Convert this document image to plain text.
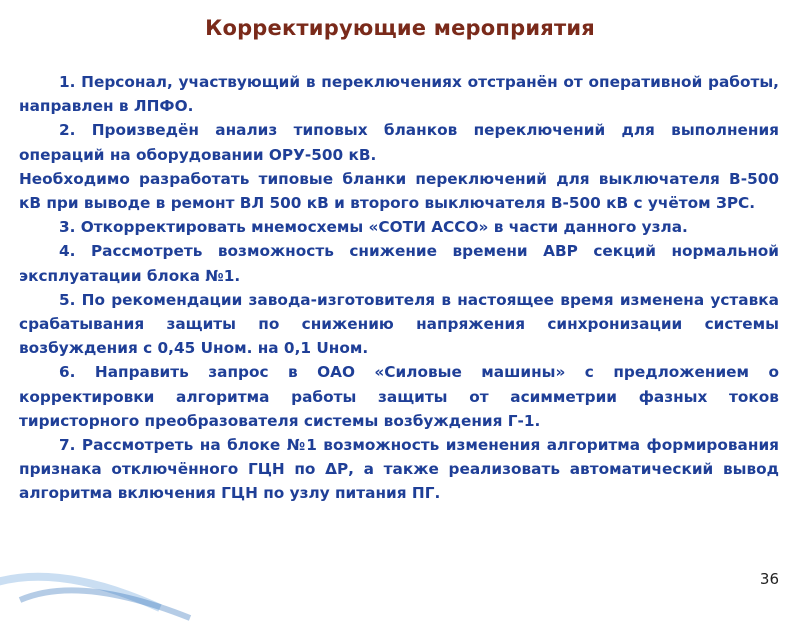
Корректирующие мероприятия

1. Персонал, участвующий в переключениях отстранён от оперативной работы, направлен в ЛПФО.

2. Произведён анализ типовых бланков переключений для выполнения операций на оборудовании ОРУ-500 кВ.

Необходимо разработать типовые бланки переключений для выключателя В-500 кВ при выводе в ремонт ВЛ 500 кВ и второго выключателя В-500 кВ с учётом ЗРС.

3. Откорректировать мнемосхемы «СОТИ АССО» в части данного узла.

4. Рассмотреть возможность снижение времени АВР секций нормальной эксплуатации блока №1.

5. По рекомендации завода-изготовителя в настоящее время изменена уставка срабатывания защиты по снижению напряжения синхронизации системы возбуждения с 0,45 Uном. на 0,1 Uном.

6. Направить запрос в ОАО «Силовые машины» с предложением о корректировки алгоритма работы защиты от асимметрии фазных токов тиристорного преобразователя системы возбуждения Г-1.

7. Рассмотреть на блоке №1 возможность изменения алгоритма формирования признака отключённого ГЦН по ΔР, а также реализовать автоматический вывод алгоритма включения ГЦН по узлу питания ПГ.

36
